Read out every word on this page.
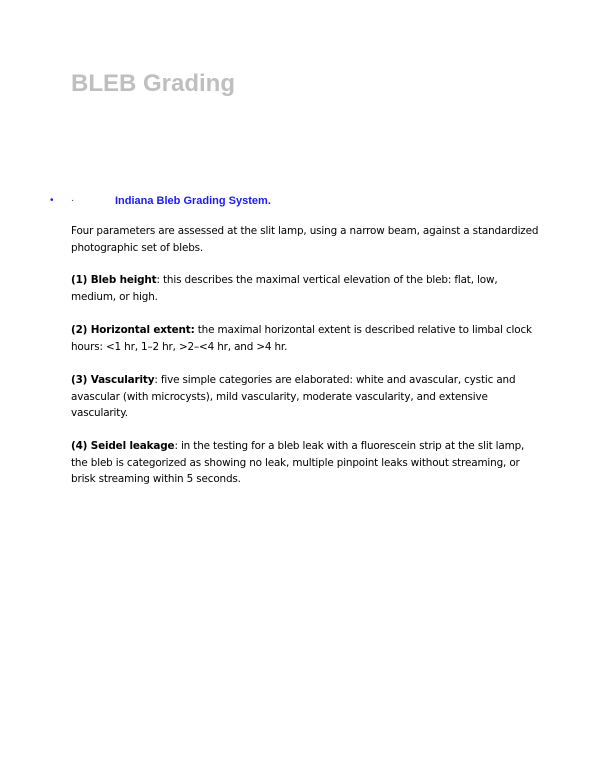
BLEB Grading
• ·	Indiana Bleb Grading System.

Four parameters are assessed at the slit lamp, using a narrow beam, against a standardized photographic set of blebs.

(1) Bleb height: this describes the maximal vertical elevation of the bleb: flat, low, medium, or high.

(2) Horizontal extent: the maximal horizontal extent is described relative to limbal clock hours: <1 hr, 1–2 hr, >2–<4 hr, and >4 hr.

(3) Vascularity: five simple categories are elaborated: white and avascular, cystic and avascular (with microcysts), mild vascularity, moderate vascularity, and extensive vascularity.

(4) Seidel leakage: in the testing for a bleb leak with a fluorescein strip at the slit lamp, the bleb is categorized as showing no leak, multiple pinpoint leaks without streaming, or brisk streaming within 5 seconds.
